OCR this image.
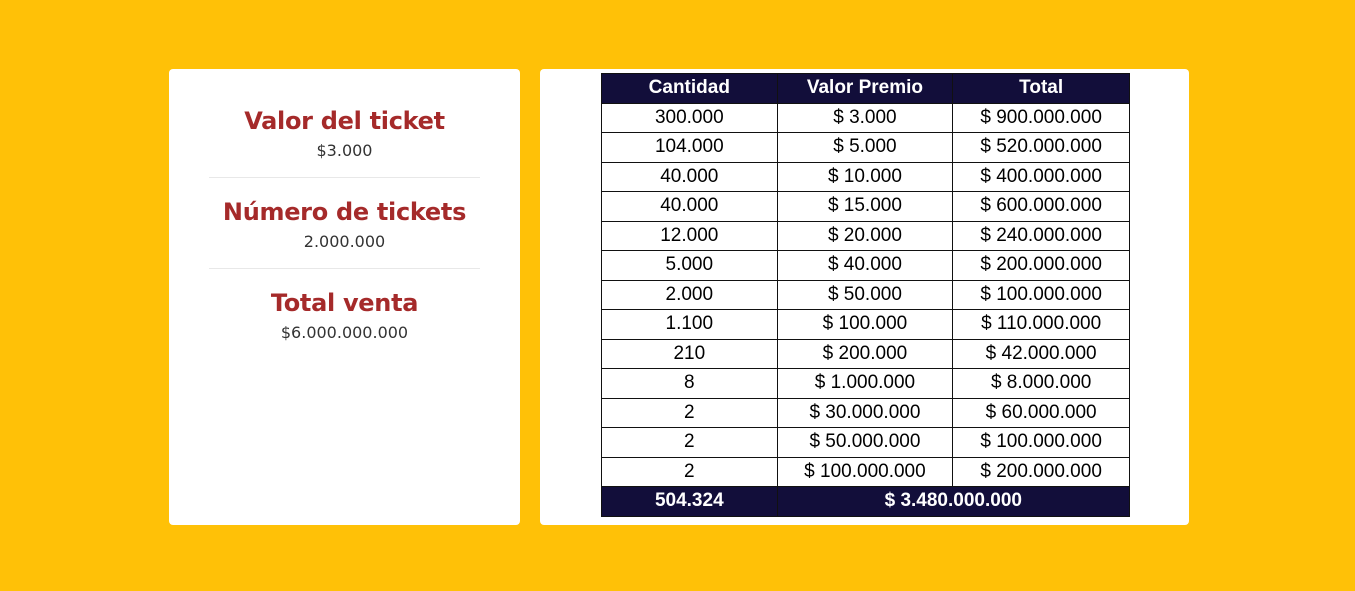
Valor del ticket
$3.000
Número de tickets
2.000.000
Total venta
$6.000.000.000
Cantidad	Valor Premio	Total
300.000	$ 3.000	$ 900.000.000
104.000	$ 5.000	$ 520.000.000
40.000	$ 10.000	$ 400.000.000
40.000	$ 15.000	$ 600.000.000
12.000	$ 20.000	$ 240.000.000
5.000	$ 40.000	$ 200.000.000
2.000	$ 50.000	$ 100.000.000
1.100	$ 100.000	$ 110.000.000
210	$ 200.000	$ 42.000.000
8	$ 1.000.000	$ 8.000.000
2	$ 30.000.000	$ 60.000.000
2	$ 50.000.000	$ 100.000.000
2	$ 100.000.000	$ 200.000.000
504.324	$ 3.480.000.000	
